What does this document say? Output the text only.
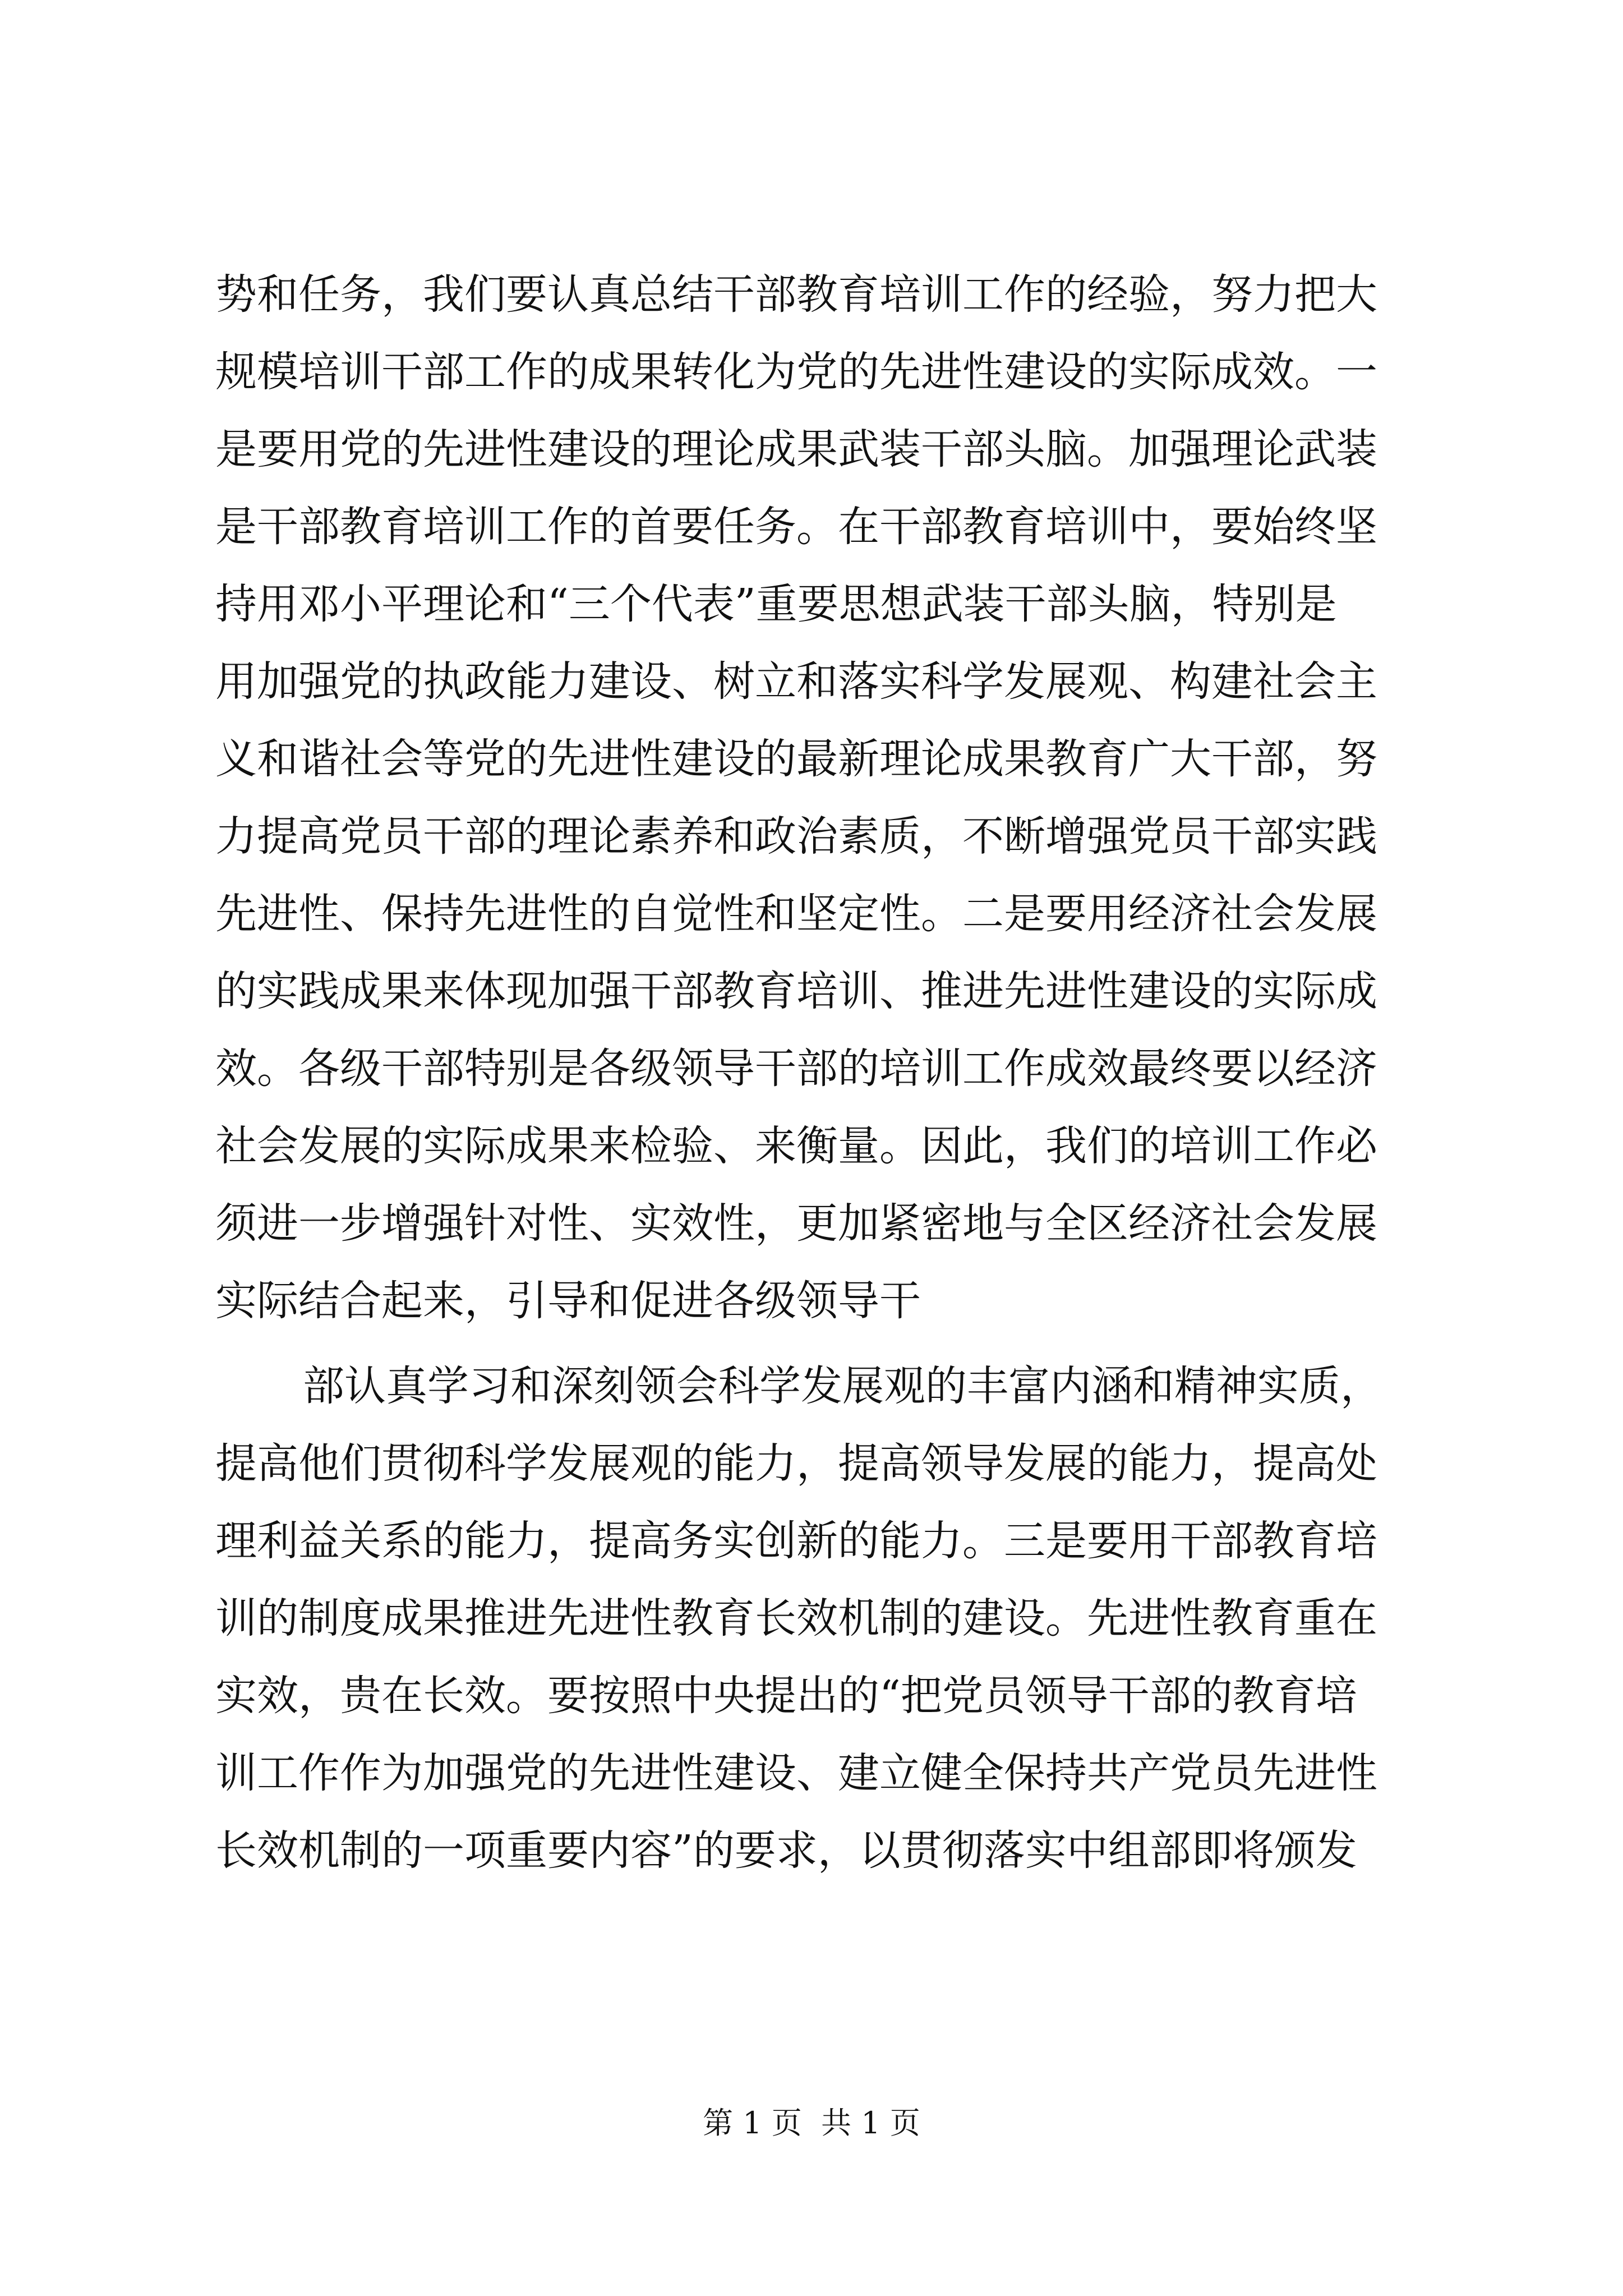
势和任务，我们要认真总结干部教育培训工作的经验，努力把大
规模培训干部工作的成果转化为党的先进性建设的实际成效。一
是要用党的先进性建设的理论成果武装干部头脑。加强理论武装
是干部教育培训工作的首要任务。在干部教育培训中，要始终坚
持用邓小平理论和“三个代表”重要思想武装干部头脑，特别是
用加强党的执政能力建设、树立和落实科学发展观、构建社会主
义和谐社会等党的先进性建设的最新理论成果教育广大干部，努
力提高党员干部的理论素养和政治素质，不断增强党员干部实践
先进性、保持先进性的自觉性和坚定性。二是要用经济社会发展
的实践成果来体现加强干部教育培训、推进先进性建设的实际成
效。各级干部特别是各级领导干部的培训工作成效最终要以经济
社会发展的实际成果来检验、来衡量。因此，我们的培训工作必
须进一步增强针对性、实效性，更加紧密地与全区经济社会发展
实际结合起来，引导和促进各级领导干
部认真学习和深刻领会科学发展观的丰富内涵和精神实质，
提高他们贯彻科学发展观的能力，提高领导发展的能力，提高处
理利益关系的能力，提高务实创新的能力。三是要用干部教育培
训的制度成果推进先进性教育长效机制的建设。先进性教育重在
实效，贵在长效。要按照中央提出的“把党员领导干部的教育培
训工作作为加强党的先进性建设、建立健全保持共产党员先进性
长效机制的一项重要内容”的要求，以贯彻落实中组部即将颁发
第 1 页  共 1 页
